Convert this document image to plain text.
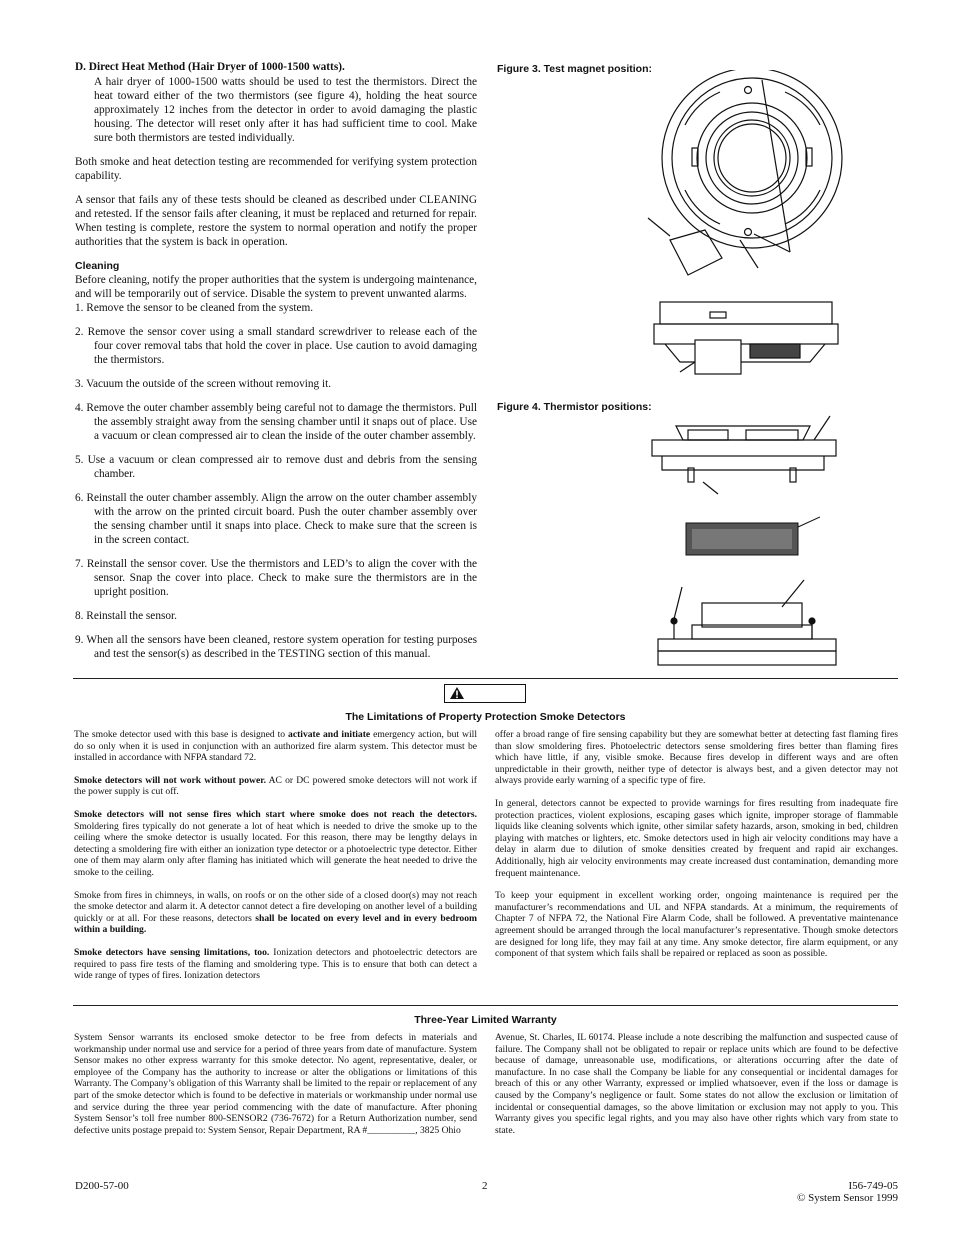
D. Direct Heat Method (Hair Dryer of 1000-1500 watts).

A hair dryer of 1000-1500 watts should be used to test the thermistors. Direct the heat toward either of the two thermistors (see figure 4), holding the heat source approximately 12 inches from the detector in order to avoid damaging the plastic housing. The detector will reset only after it has had sufficient time to cool. Make sure both thermistors are tested individually.

Both smoke and heat detection testing are recommended for verifying system protection capability.

A sensor that fails any of these tests should be cleaned as described under CLEANING and retested. If the sensor fails after cleaning, it must be replaced and returned for repair. When testing is complete, restore the system to normal operation and notify the proper authorities that the system is back in operation.

Cleaning

Before cleaning, notify the proper authorities that the system is undergoing maintenance, and will be temporarily out of service. Disable the system to prevent unwanted alarms.

1. Remove the sensor to be cleaned from the system.

2. Remove the sensor cover using a small standard screwdriver to release each of the four cover removal tabs that hold the cover in place. Use caution to avoid damaging the thermistors.

3. Vacuum the outside of the screen without removing it.

4. Remove the outer chamber assembly being careful not to damage the thermistors. Pull the assembly straight away from the sensing chamber until it snaps out of place. Use a vacuum or clean compressed air to clean the inside of the outer chamber assembly.

5. Use a vacuum or clean compressed air to remove dust and debris from the sensing chamber.

6. Reinstall the outer chamber assembly. Align the arrow on the outer chamber assembly with the arrow on the printed circuit board. Push the outer chamber assembly over the sensing chamber until it snaps into place. Check to make sure that the screen is in the screen contact.

7. Reinstall the sensor cover. Use the thermistors and LED’s to align the cover with the sensor. Snap the cover into place. Check to make sure the thermistors are in the upright position.

8. Reinstall the sensor.

9. When all the sensors have been cleaned, restore system operation for testing purposes and test the sensor(s) as described in the TESTING section of this manual.

Figure 3. Test magnet position:
Figure 4. Thermistor positions:
The Limitations of Property Protection Smoke Detectors

The smoke detector used with this base is designed to activate and initiate emergency action, but will do so only when it is used in conjunction with an authorized fire alarm system. This detector must be installed in accordance with NFPA standard 72.

Smoke detectors will not work without power. AC or DC powered smoke detectors will not work if the power supply is cut off.

Smoke detectors will not sense fires which start where smoke does not reach the detectors. Smoldering fires typically do not generate a lot of heat which is needed to drive the smoke up to the ceiling where the smoke detector is usually located. For this reason, there may be lengthy delays in detecting a smoldering fire with either an ionization type detector or a photoelectric type detector. Either one of them may alarm only after flaming has initiated which will generate the heat needed to drive the smoke to the ceiling.

Smoke from fires in chimneys, in walls, on roofs or on the other side of a closed door(s) may not reach the smoke detector and alarm it. A detector cannot detect a fire developing on another level of a building quickly or at all. For these reasons, detectors shall be located on every level and in every bedroom within a building.

Smoke detectors have sensing limitations, too. Ionization detectors and photoelectric detectors are required to pass fire tests of the flaming and smoldering type. This is to ensure that both can detect a wide range of types of fires. Ionization detectors

offer a broad range of fire sensing capability but they are somewhat better at detecting fast flaming fires than slow smoldering fires. Photoelectric detectors sense smoldering fires better than flaming fires which have little, if any, visible smoke. Because fires develop in different ways and are often unpredictable in their growth, neither type of detector is always best, and a given detector may not always provide early warning of a specific type of fire.

In general, detectors cannot be expected to provide warnings for fires resulting from inadequate fire protection practices, violent explosions, escaping gases which ignite, improper storage of flammable liquids like cleaning solvents which ignite, other similar safety hazards, arson, smoking in bed, children playing with matches or lighters, etc. Smoke detectors used in high air velocity conditions may have a delay in alarm due to dilution of smoke densities created by frequent and rapid air exchanges. Additionally, high air velocity environments may create increased dust contamination, demanding more frequent maintenance.

To keep your equipment in excellent working order, ongoing maintenance is required per the manufacturer’s recommendations and UL and NFPA standards. At a minimum, the requirements of Chapter 7 of NFPA 72, the National Fire Alarm Code, shall be followed. A preventative maintenance agreement should be arranged through the local manufacturer’s representative. Though smoke detectors are designed for long life, they may fail at any time. Any smoke detector, fire alarm equipment, or any component of that system which fails shall be repaired or replaced as soon as possible.

Three-Year Limited Warranty
System Sensor warrants its enclosed smoke detector to be free from defects in materials and workmanship under normal use and service for a period of three years from date of manufacture. System Sensor makes no other express warranty for this smoke detector. No agent, representative, dealer, or employee of the Company has the authority to increase or alter the obligations or limitations of this Warranty. The Company’s obligation of this Warranty shall be limited to the repair or replacement of any part of the smoke detector which is found to be defective in materials or workmanship under normal use and service during the three year period commencing with the date of manufacture. After phoning System Sensor’s toll free number 800-SENSOR2 (736-7672) for a Return Authorization number, send defective units postage prepaid to: System Sensor, Repair Department, RA #__________, 3825 Ohio
Avenue, St. Charles, IL 60174. Please include a note describing the malfunction and suspected cause of failure. The Company shall not be obligated to repair or replace units which are found to be defective because of damage, unreasonable use, modifications, or alterations occurring after the date of manufacture. In no case shall the Company be liable for any consequential or incidental damages for breach of this or any other Warranty, expressed or implied whatsoever, even if the loss or damage is caused by the Company’s negligence or fault. Some states do not allow the exclusion or limitation of incidental or consequential damages, so the above limitation or exclusion may not apply to you. This Warranty gives you specific legal rights, and you may also have other rights which vary from state to state.
D200-57-00	2	I56-749-05
© System Sensor 1999
